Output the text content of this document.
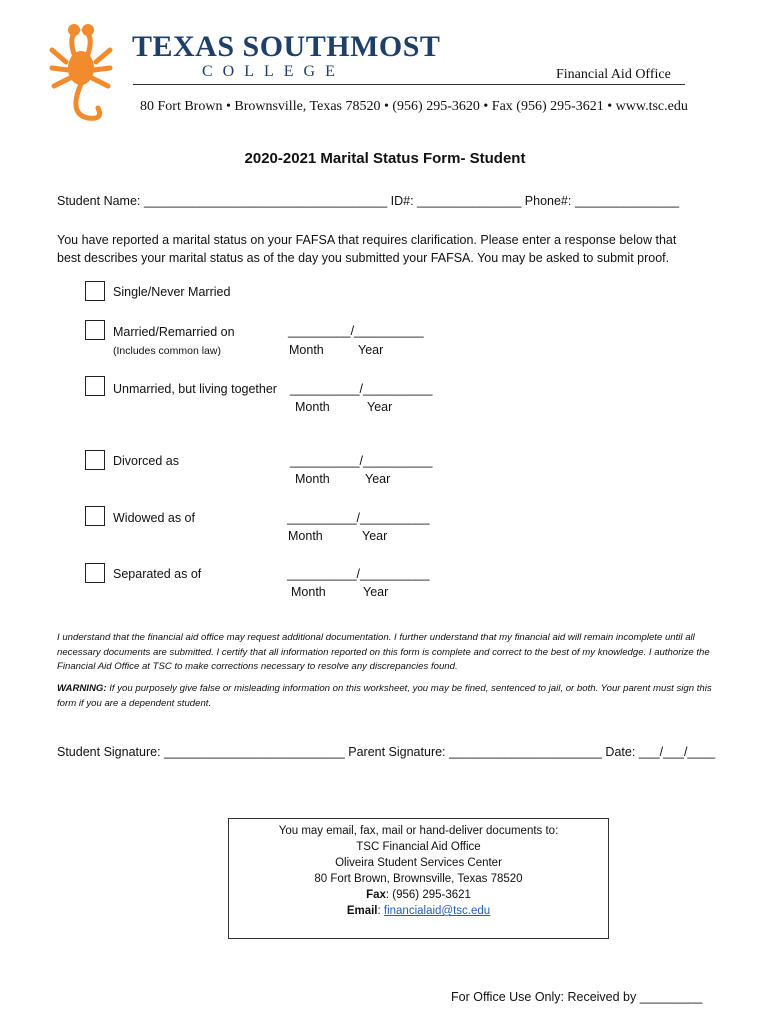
TEXAS SOUTHMOST
COLLEGE	Financial Aid Office
80 Fort Brown • Brownsville, Texas 78520 • (956) 295-3620 • Fax (956) 295-3621 • www.tsc.edu
2020-2021 Marital Status Form- Student
Student Name: ___________________________________ ID#: _______________ Phone#: _______________
You have reported a marital status on your FAFSA that requires clarification. Please enter a response below that
best describes your marital status as of the day you submitted your FAFSA. You may be asked to submit proof.
Single/Never Married
Married/Remarried on
(Includes common law)
_________/__________
Month	Year
Unmarried, but living together __________/__________
Month	Year
Divorced as	__________/__________
Month	Year
Widowed as of	__________/__________
Month	Year
Separated as of	__________/__________
Month	Year
I understand that the financial aid office may request additional documentation. I further understand that my financial aid will remain incomplete until all necessary documents are submitted. I certify that all information reported on this form is complete and correct to the best of my knowledge. I authorize the Financial Aid Office at TSC to make corrections necessary to resolve any discrepancies found.
WARNING: If you purposely give false or misleading information on this worksheet, you may be fined, sentenced to jail, or both. Your parent must sign this form if you are a dependent student.
Student Signature: __________________________ Parent Signature: ______________________ Date: ___/___/____
You may email, fax, mail or hand-deliver documents to:
TSC Financial Aid Office
Oliveira Student Services Center
80 Fort Brown, Brownsville, Texas 78520
Fax: (956) 295-3621
Email: financialaid@tsc.edu
For Office Use Only: Received by _________
